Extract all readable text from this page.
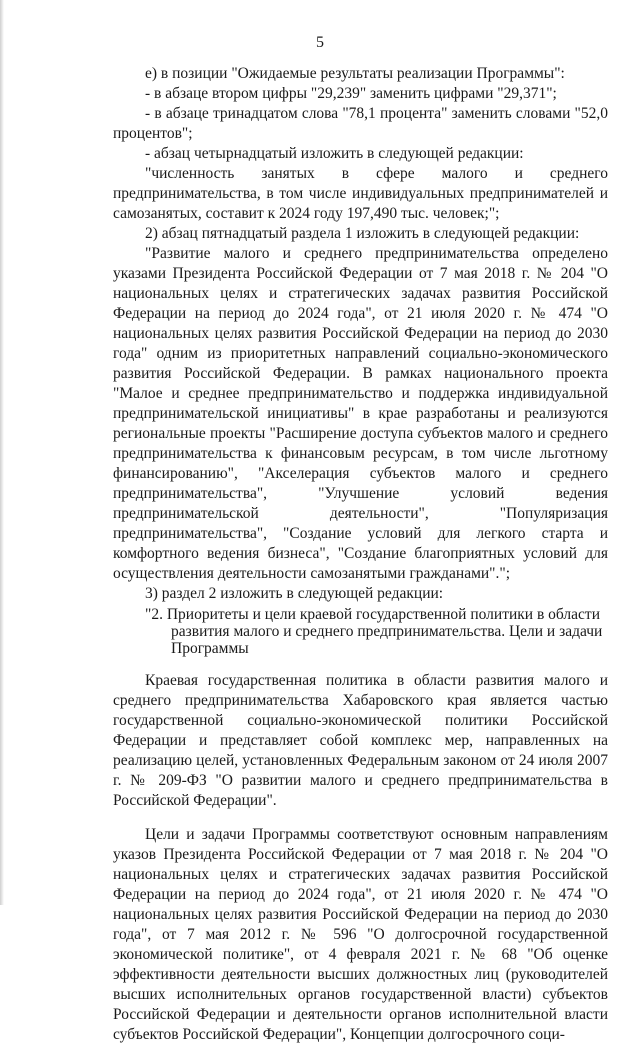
5

е) в позиции "Ожидаемые результаты реализации Программы":

- в абзаце втором цифры "29,239" заменить цифрами "29,371";

- в абзаце тринадцатом слова "78,1 процента" заменить словами "52,0 процентов";

- абзац четырнадцатый изложить в следующей редакции:

"численность занятых в сфере малого и среднего предпринимательства, в том числе индивидуальных предпринимателей и самозанятых, составит к 2024 году 197,490 тыс. человек;";

2) абзац пятнадцатый раздела 1 изложить в следующей редакции:

"Развитие малого и среднего предпринимательства определено указами Президента Российской Федерации от 7 мая 2018 г. № 204 "О национальных целях и стратегических задачах развития Российской Федерации на период до 2024 года", от 21 июля 2020 г. № 474 "О национальных целях развития Российской Федерации на период до 2030 года" одним из приоритетных направлений социально-экономического развития Российской Федерации. В рамках национального проекта "Малое и среднее предпринимательство и поддержка индивидуальной предпринимательской инициативы" в крае разработаны и реализуются региональные проекты "Расширение доступа субъектов малого и среднего предпринимательства к финансовым ресурсам, в том числе льготному финансированию", "Акселерация субъектов малого и среднего предпринимательства", "Улучшение условий ведения предпринимательской деятельности", "Популяризация предпринимательства", "Создание условий для легкого старта и комфортного ведения бизнеса", "Создание благоприятных условий для осуществления деятельности самозанятыми гражданами".";

3) раздел 2 изложить в следующей редакции:

"2. Приоритеты и цели краевой государственной политики в области
развития малого и среднего предпринимательства. Цели и задачи
Программы

Краевая государственная политика в области развития малого и среднего предпринимательства Хабаровского края является частью государственной социально-экономической политики Российской Федерации и представляет собой комплекс мер, направленных на реализацию целей, установленных Федеральным законом от 24 июля 2007 г. № 209-ФЗ "О развитии малого и среднего предпринимательства в Российской Федерации".

Цели и задачи Программы соответствуют основным направлениям указов Президента Российской Федерации от 7 мая 2018 г. № 204 "О национальных целях и стратегических задачах развития Российской Федерации на период до 2024 года", от 21 июля 2020 г. № 474 "О национальных целях развития Российской Федерации на период до 2030 года", от 7 мая 2012 г. № 596 "О долгосрочной государственной экономической политике", от 4 февраля 2021 г. № 68 "Об оценке эффективности деятельности высших должностных лиц (руководителей высших исполнительных органов государственной власти) субъектов Российской Федерации и деятельности органов исполнительной власти субъектов Российской Федерации", Концепции долгосрочного соци-
